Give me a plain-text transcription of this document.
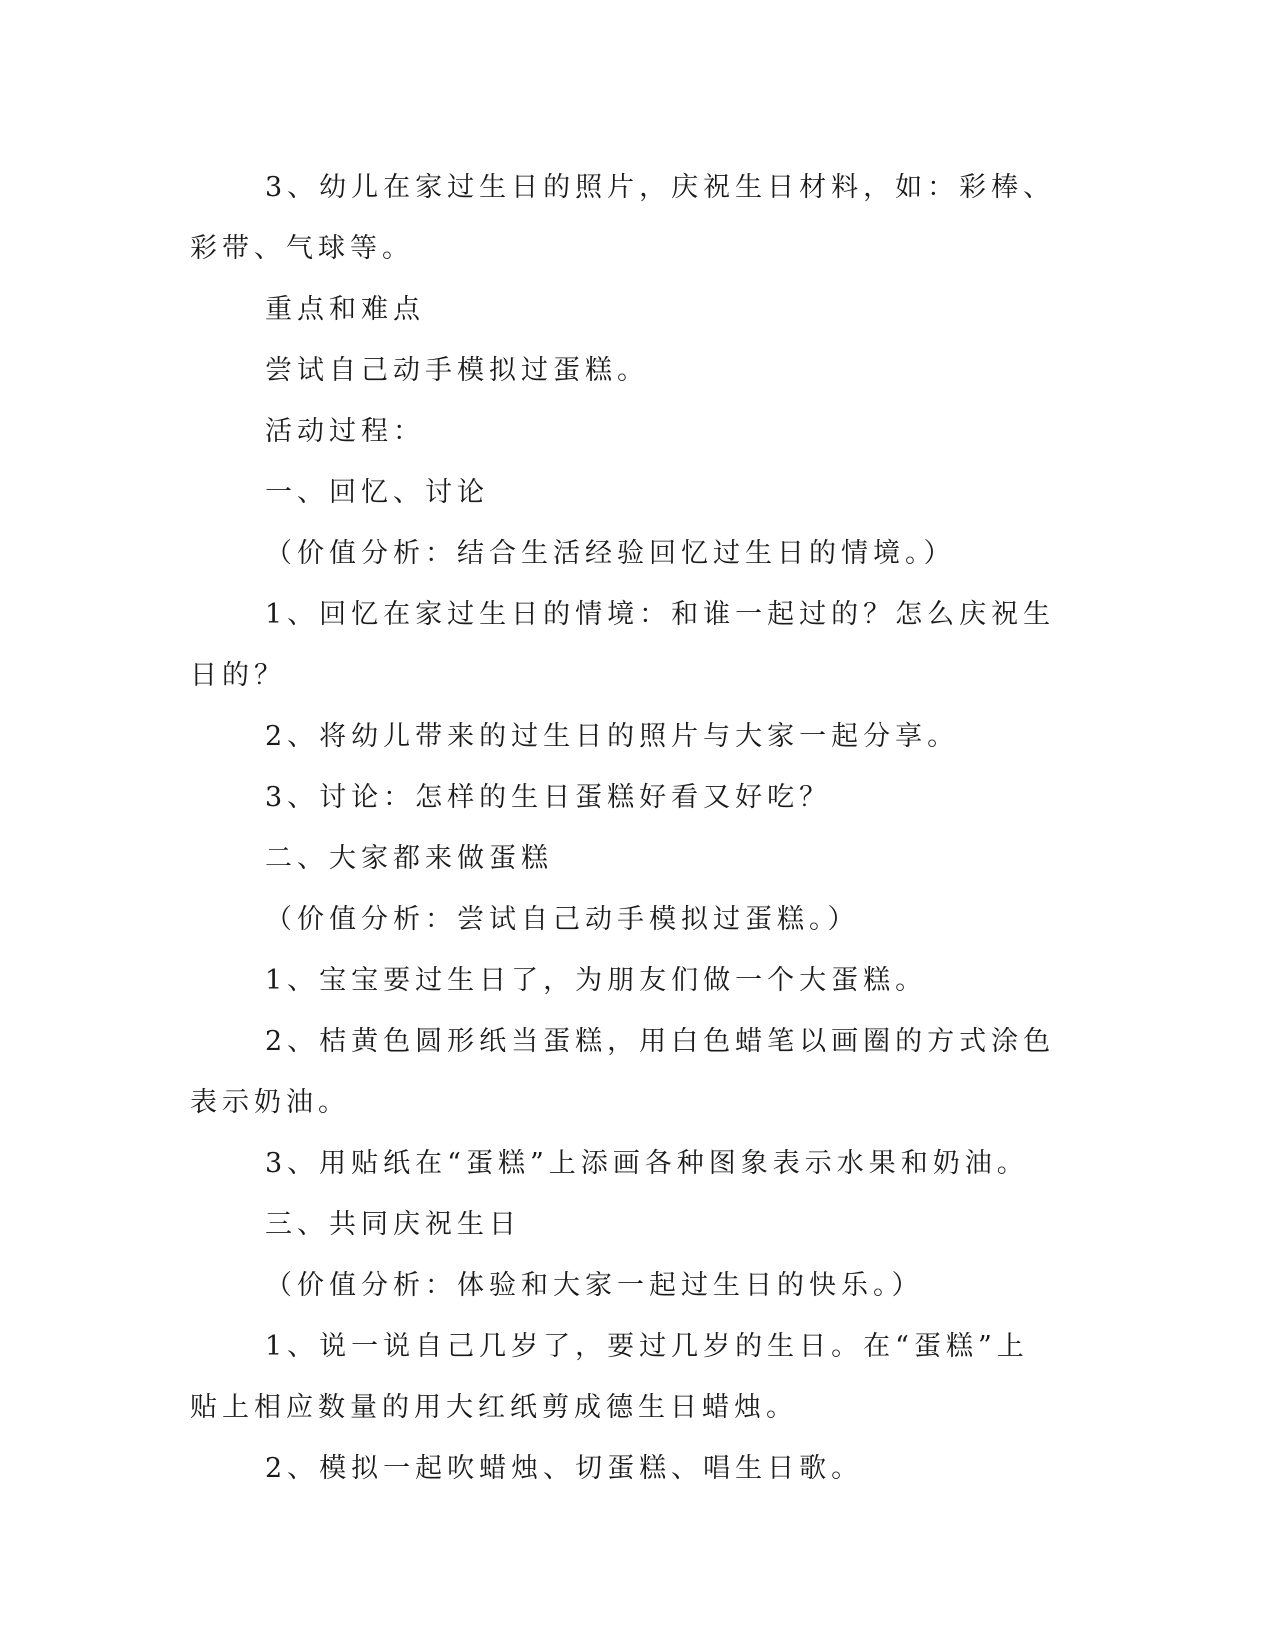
3、幼儿在家过生日的照片，庆祝生日材料，如：彩棒、彩带、气球等。

重点和难点

尝试自己动手模拟过蛋糕。

活动过程：

一、回忆、讨论

（价值分析：结合生活经验回忆过生日的情境。）

1、回忆在家过生日的情境：和谁一起过的？怎么庆祝生日的？

2、将幼儿带来的过生日的照片与大家一起分享。

3、讨论：怎样的生日蛋糕好看又好吃？

二、大家都来做蛋糕

（价值分析：尝试自己动手模拟过蛋糕。）

1、宝宝要过生日了，为朋友们做一个大蛋糕。

2、桔黄色圆形纸当蛋糕，用白色蜡笔以画圈的方式涂色表示奶油。

3、用贴纸在“蛋糕”上添画各种图象表示水果和奶油。

三、共同庆祝生日

（价值分析：体验和大家一起过生日的快乐。）

1、说一说自己几岁了，要过几岁的生日。在“蛋糕”上贴上相应数量的用大红纸剪成德生日蜡烛。

2、模拟一起吹蜡烛、切蛋糕、唱生日歌。
